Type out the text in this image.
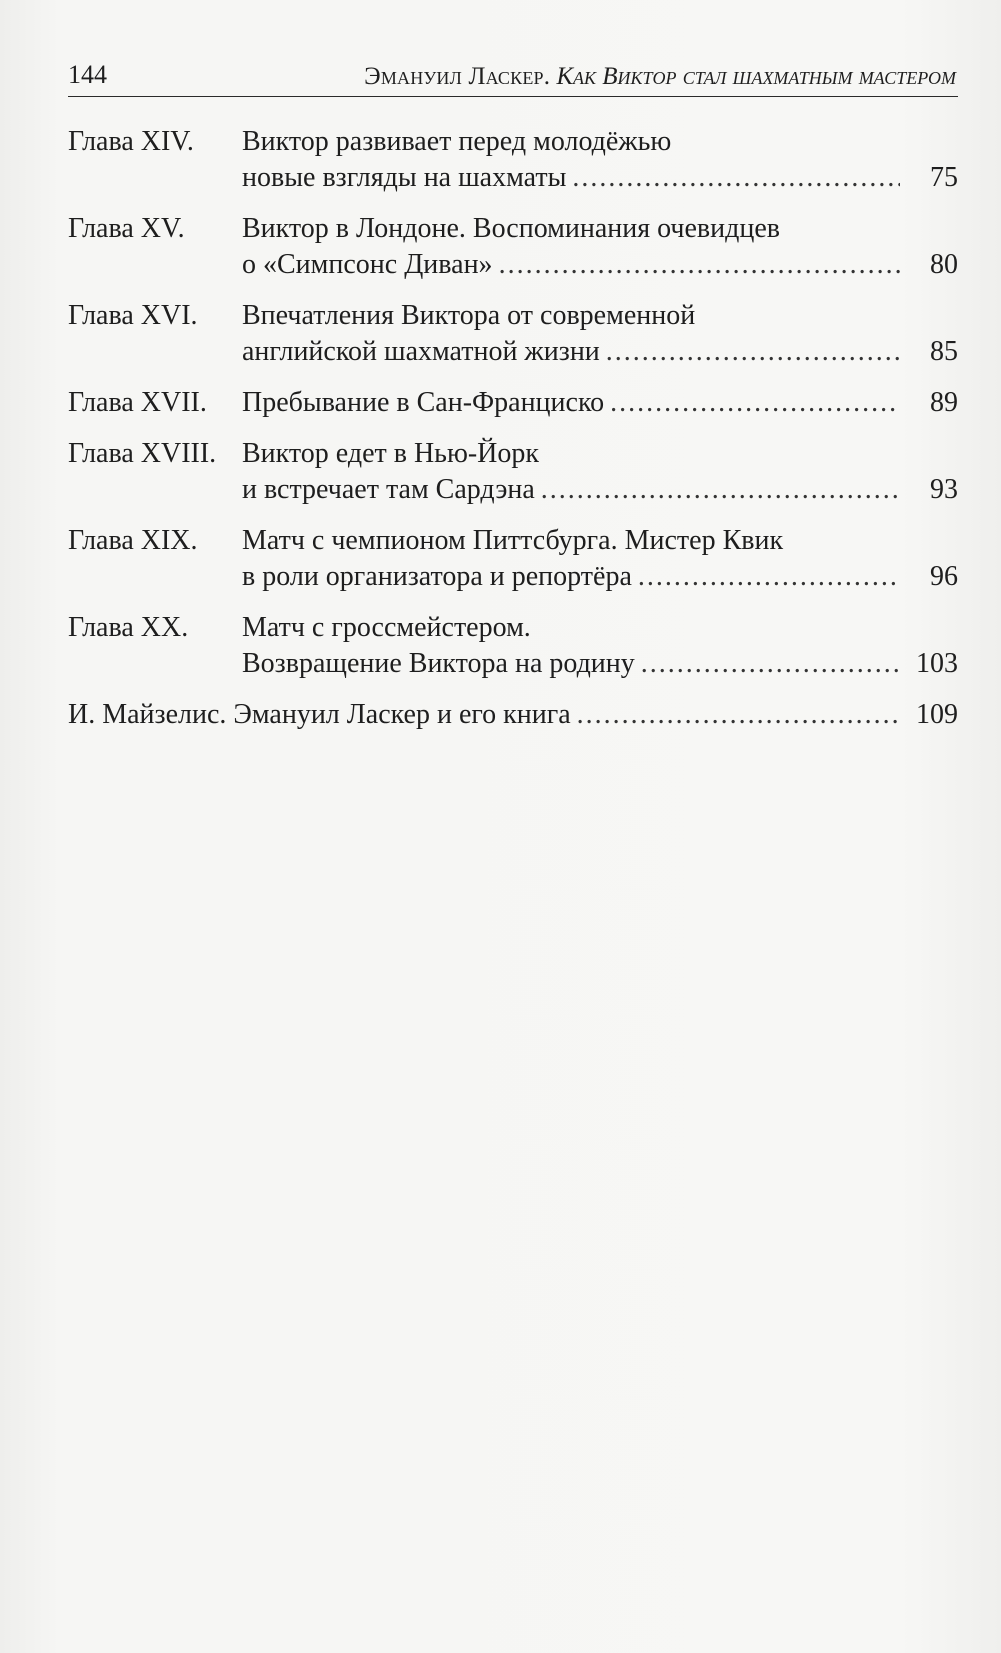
144	Эмануил Ласкер. Как Виктор стал шахматным мастером
Глава XIV. Виктор развивает перед молодёжью
новые взгляды на шахматы .....	75
Глава XV. Виктор в Лондоне. Воспоминания очевидцев
о «Симпсонс Диван» .....	80
Глава XVI. Впечатления Виктора от современной
английской шахматной жизни .....	85
Глава XVII. Пребывание в Сан-Франциско .....	89
Глава XVIII. Виктор едет в Нью-Йорк
и встречает там Сардэна .....	93
Глава XIX. Матч с чемпионом Питтсбурга. Мистер Квик
в роли организатора и репортёра .....	96
Глава XX. Матч с гроссмейстером.
Возвращение Виктора на родину .....	103
И. Майзелис. Эмануил Ласкер и его книга .....	109
